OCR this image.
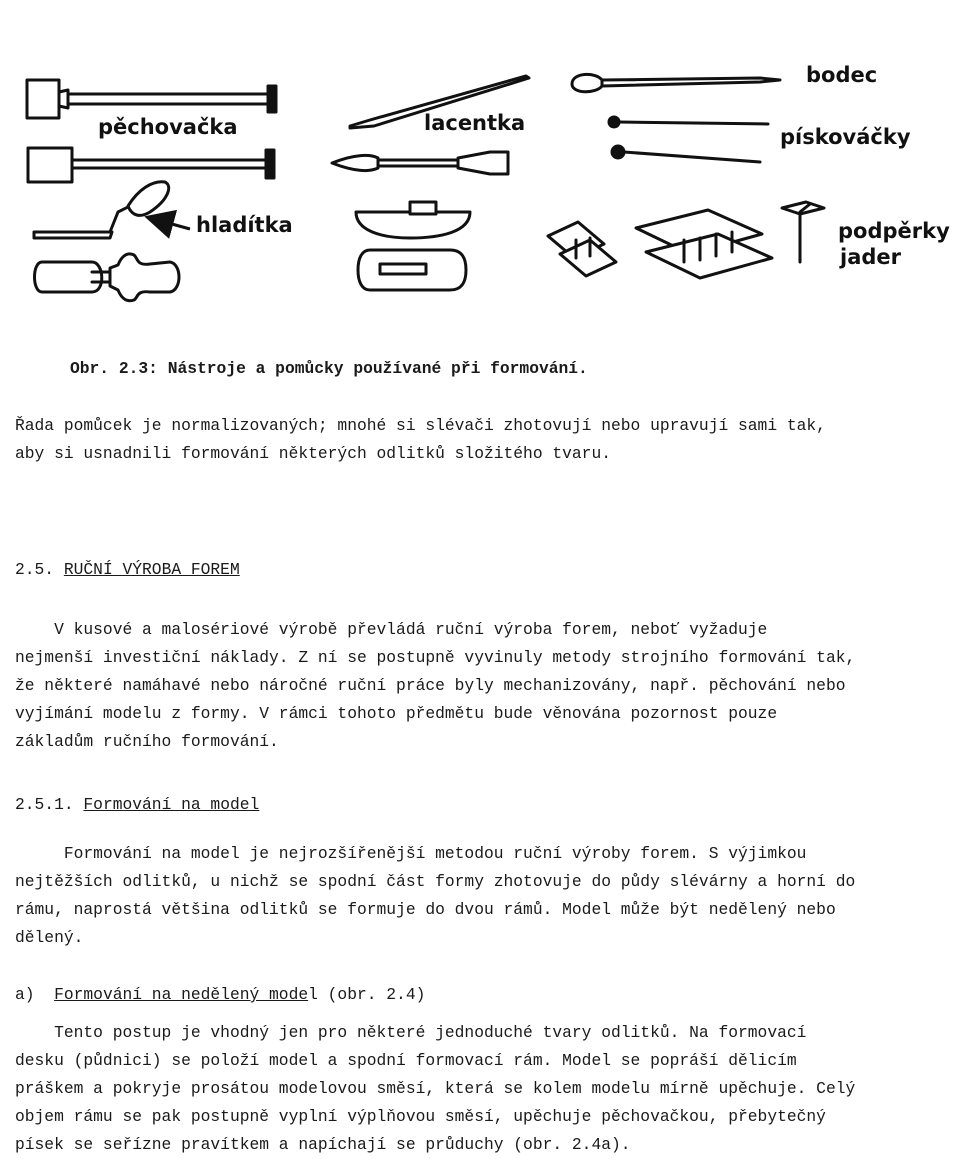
pěchovačka	lacentka
bodec
pískováčky
hladítka	podpěrky
jader

Obr. 2.3: Nástroje a pomůcky používané při formování.

Řada pomůcek je normalizovaných; mnohé si slévači zhotovují nebo upravují sami tak,

aby si usnadnili formování některých odlitků složitého tvaru.

2.5. RUČNÍ VÝROBA FOREM

V kusové a malosériové výrobě převládá ruční výroba forem, neboť vyžaduje

nejmenší investiční náklady. Z ní se postupně vyvinuly metody strojního formování tak,

že některé namáhavé nebo náročné ruční práce byly mechanizovány, např. pěchování nebo

vyjímání modelu z formy. V rámci tohoto předmětu bude věnována pozornost pouze

základům ručního formování.

2.5.1. Formování na model

Formování na model je nejrozšířenější metodou ruční výroby forem. S výjimkou

nejtěžších odlitků, u nichž se spodní část formy zhotovuje do půdy slévárny a horní do

rámu, naprostá většina odlitků se formuje do dvou rámů. Model může být nedělený nebo

dělený.

a)  Formování na nedělený model (obr. 2.4)

Tento postup je vhodný jen pro některé jednoduché tvary odlitků. Na formovací

desku (půdnici) se položí model a spodní formovací rám. Model se popráší dělicím

práškem a pokryje prosátou modelovou směsí, která se kolem modelu mírně upěchuje. Celý

objem rámu se pak postupně vyplní výplňovou směsí, upěchuje pěchovačkou, přebytečný

písek se seřízne pravítkem a napíchají se průduchy (obr. 2.4a).
